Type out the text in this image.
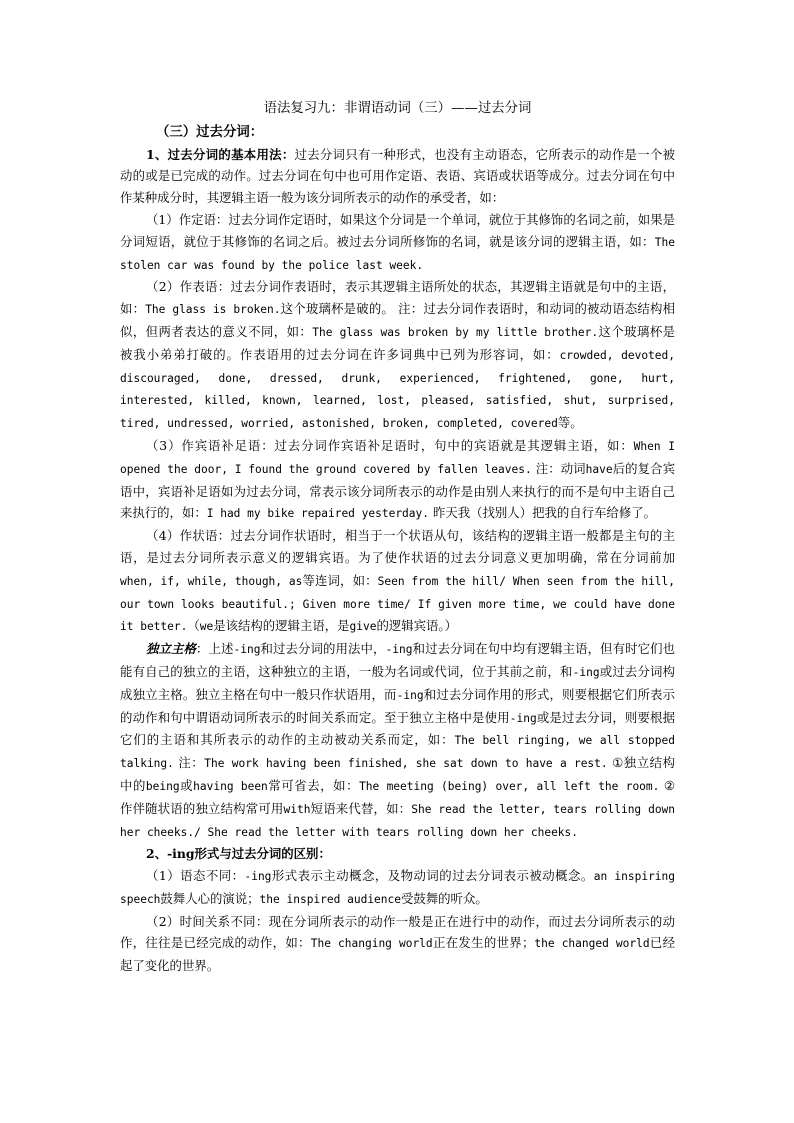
语法复习九：非谓语动词（三）——过去分词
（三）过去分词：

1、过去分词的基本用法：过去分词只有一种形式，也没有主动语态，它所表示的动作是一个被动的或是已完成的动作。过去分词在句中也可用作定语、表语、宾语或状语等成分。过去分词在句中作某种成分时，其逻辑主语一般为该分词所表示的动作的承受者，如：

（1）作定语：过去分词作定语时，如果这个分词是一个单词，就位于其修饰的名词之前，如果是分词短语，就位于其修饰的名词之后。被过去分词所修饰的名词，就是该分词的逻辑主语，如：The stolen car was found by the police last week.

（2）作表语：过去分词作表语时，表示其逻辑主语所处的状态，其逻辑主语就是句中的主语，如：The glass is broken.这个玻璃杯是破的。 注：过去分词作表语时，和动词的被动语态结构相似，但两者表达的意义不同，如：The glass was broken by my little brother.这个玻璃杯是被我小弟弟打破的。作表语用的过去分词在许多词典中已列为形容词，如：crowded, devoted, discouraged, done, dressed, drunk, experienced, frightened, gone, hurt, interested, killed, known, learned, lost, pleased, satisfied, shut, surprised, tired, undressed, worried, astonished, broken, completed, covered等。

（3）作宾语补足语：过去分词作宾语补足语时，句中的宾语就是其逻辑主语，如：When I opened the door, I found the ground covered by fallen leaves. 注：动词have后的复合宾语中，宾语补足语如为过去分词，常表示该分词所表示的动作是由别人来执行的而不是句中主语自己来执行的，如：I had my bike repaired yesterday. 昨天我（找别人）把我的自行车给修了。

（4）作状语：过去分词作状语时，相当于一个状语从句，该结构的逻辑主语一般都是主句的主语，是过去分词所表示意义的逻辑宾语。为了使作状语的过去分词意义更加明确，常在分词前加 when, if, while, though, as等连词，如：Seen from the hill/ When seen from the hill, our town looks beautiful.; Given more time/ If given more time, we could have done it better.（we是该结构的逻辑主语，是give的逻辑宾语。）

独立主格：上述-ing和过去分词的用法中，-ing和过去分词在句中均有逻辑主语，但有时它们也能有自己的独立的主语，这种独立的主语，一般为名词或代词，位于其前之前，和-ing或过去分词构成独立主格。独立主格在句中一般只作状语用，而-ing和过去分词作用的形式，则要根据它们所表示的动作和句中谓语动词所表示的时间关系而定。至于独立主格中是使用-ing或是过去分词，则要根据它们的主语和其所表示的动作的主动被动关系而定，如：The bell ringing, we all stopped talking. 注：The work having been finished, she sat down to have a rest. ①独立结构中的being或having been常可省去，如：The meeting (being) over, all left the room. ②作伴随状语的独立结构常可用with短语来代替，如：She read the letter, tears rolling down her cheeks./ She read the letter with tears rolling down her cheeks.

2、-ing形式与过去分词的区别：

（1）语态不同：-ing形式表示主动概念，及物动词的过去分词表示被动概念。an inspiring speech鼓舞人心的演说；the inspired audience受鼓舞的听众。

（2）时间关系不同：现在分词所表示的动作一般是正在进行中的动作，而过去分词所表示的动作，往往是已经完成的动作，如：The changing world正在发生的世界；the changed world已经起了变化的世界。
